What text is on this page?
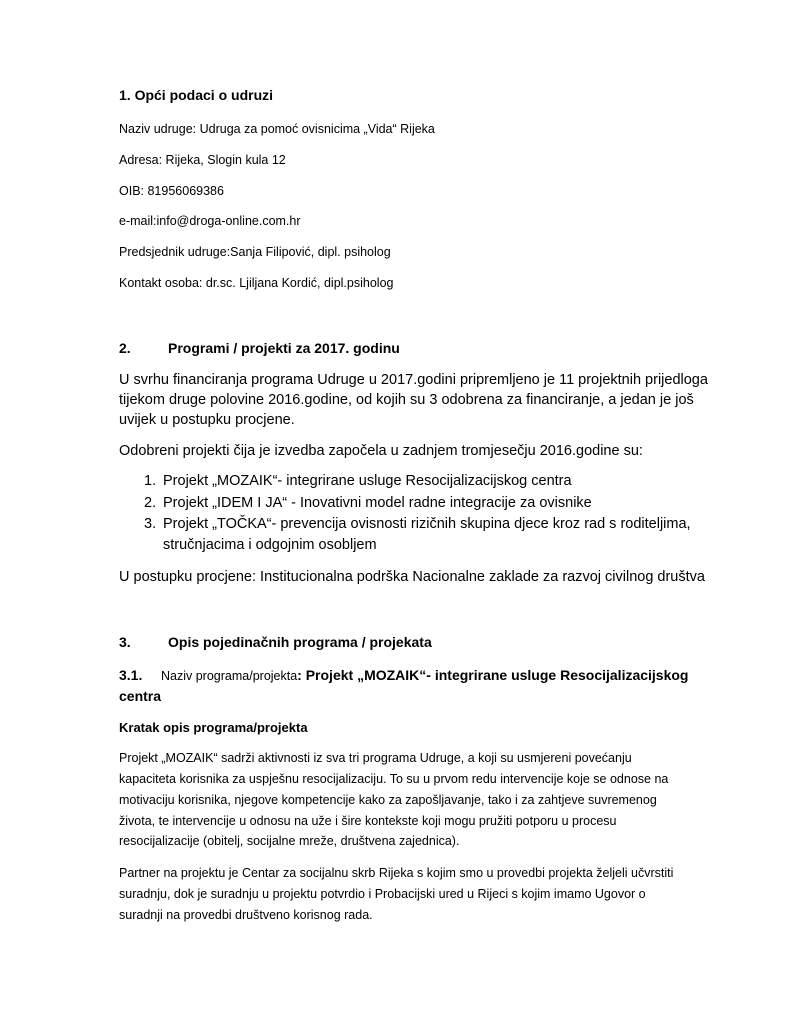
1. Opći podaci o udruzi
Naziv udruge: Udruga za pomoć ovisnicima „Vida“ Rijeka
Adresa: Rijeka, Slogin kula 12
OIB: 81956069386
e-mail:info@droga-online.com.hr
Predsjednik udruge:Sanja Filipović, dipl. psiholog
Kontakt osoba: dr.sc. Ljiljana Kordić, dipl.psiholog
2.	Programi / projekti za 2017. godinu
U svrhu financiranja programa Udruge u 2017.godini pripremljeno je 11 projektnih prijedloga
tijekom druge polovine 2016.godine, od kojih su 3 odobrena za financiranje, a jedan je još
uvijek u postupku procjene.
Odobreni projekti čija je izvedba započela u zadnjem tromjesečju 2016.godine su:
1. Projekt „MOZAIK“- integrirane usluge Resocijalizacijskog centra
2. Projekt „IDEM I JA“ - Inovativni model radne integracije za ovisnike
3. Projekt „TOČKA“- prevencija ovisnosti rizičnih skupina djece kroz rad s roditeljima,
stručnjacima i odgojnim osobljem
U postupku procjene: Institucionalna podrška Nacionalne zaklade za razvoj civilnog društva
3.	Opis pojedinačnih programa / projekata
3.1. Naziv programa/projekta: Projekt „MOZAIK“- integrirane usluge Resocijalizacijskog
centra
Kratak opis programa/projekta
Projekt „MOZAIK“ sadrži aktivnosti iz sva tri programa Udruge, a koji su usmjereni povećanju
kapaciteta korisnika za uspješnu resocijalizaciju. To su u prvom redu intervencije koje se odnose na
motivaciju korisnika, njegove kompetencije kako za zapošljavanje, tako i za zahtjeve suvremenog
života, te intervencije u odnosu na uže i šire kontekste koji mogu pružiti potporu u procesu
resocijalizacije (obitelj, socijalne mreže, društvena zajednica).
Partner na projektu je Centar za socijalnu skrb Rijeka s kojim smo u provedbi projekta željeli učvrstiti
suradnju, dok je suradnju u projektu potvrdio i Probacijski ured u Rijeci s kojim imamo Ugovor o
suradnji na provedbi društveno korisnog rada.
